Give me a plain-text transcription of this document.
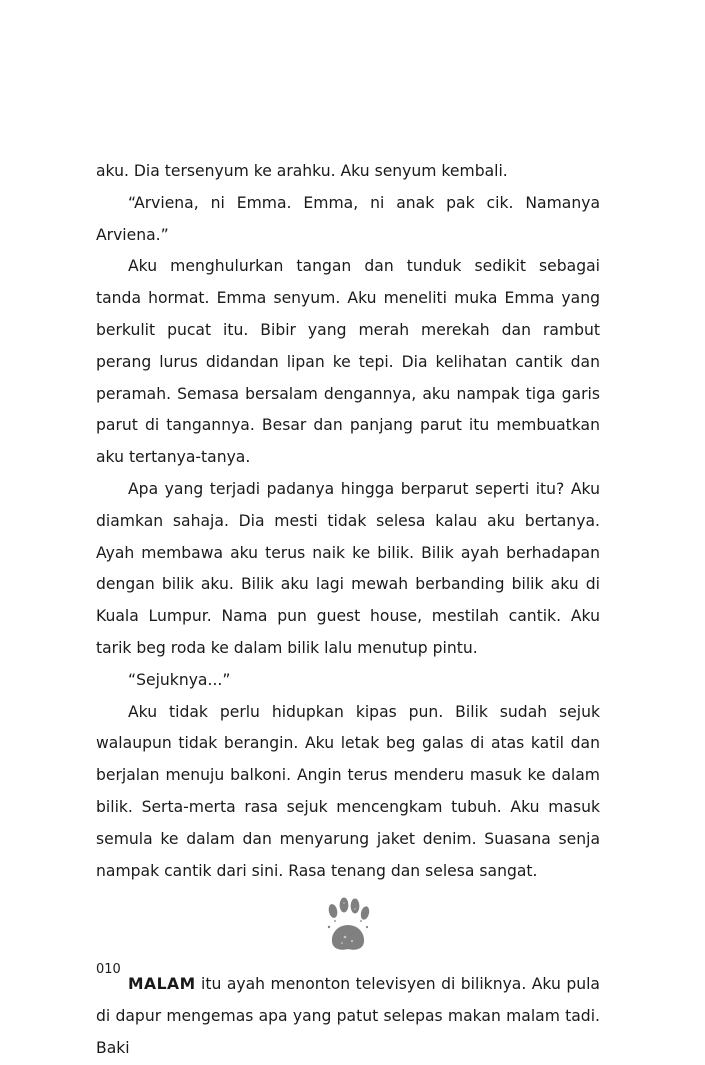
aku. Dia tersenyum ke arahku. Aku senyum kembali.

“Arviena, ni Emma. Emma, ni anak pak cik. Namanya Arviena.”

Aku menghulurkan tangan dan tunduk sedikit sebagai tanda hormat. Emma senyum. Aku meneliti muka Emma yang berkulit pucat itu. Bibir yang merah merekah dan rambut perang lurus didandan lipan ke tepi. Dia kelihatan cantik dan peramah. Semasa bersalam dengannya, aku nampak tiga garis parut di tangannya. Besar dan panjang parut itu membuatkan aku tertanya-tanya.

Apa yang terjadi padanya hingga berparut seperti itu? Aku diamkan sahaja. Dia mesti tidak selesa kalau aku bertanya. Ayah membawa aku terus naik ke bilik. Bilik ayah berhadapan dengan bilik aku. Bilik aku lagi mewah berbanding bilik aku di Kuala Lumpur. Nama pun guest house, mestilah cantik. Aku tarik beg roda ke dalam bilik lalu menutup pintu.

“Sejuknya...”

Aku tidak perlu hidupkan kipas pun. Bilik sudah sejuk walaupun tidak berangin. Aku letak beg galas di atas katil dan berjalan menuju balkoni. Angin terus menderu masuk ke dalam bilik. Serta-merta rasa sejuk mencengkam tubuh. Aku masuk semula ke dalam dan menyarung jaket denim. Suasana senja nampak cantik dari sini. Rasa tenang dan selesa sangat.

MALAM itu ayah menonton televisyen di biliknya. Aku pula di dapur mengemas apa yang patut selepas makan malam tadi. Baki

010
